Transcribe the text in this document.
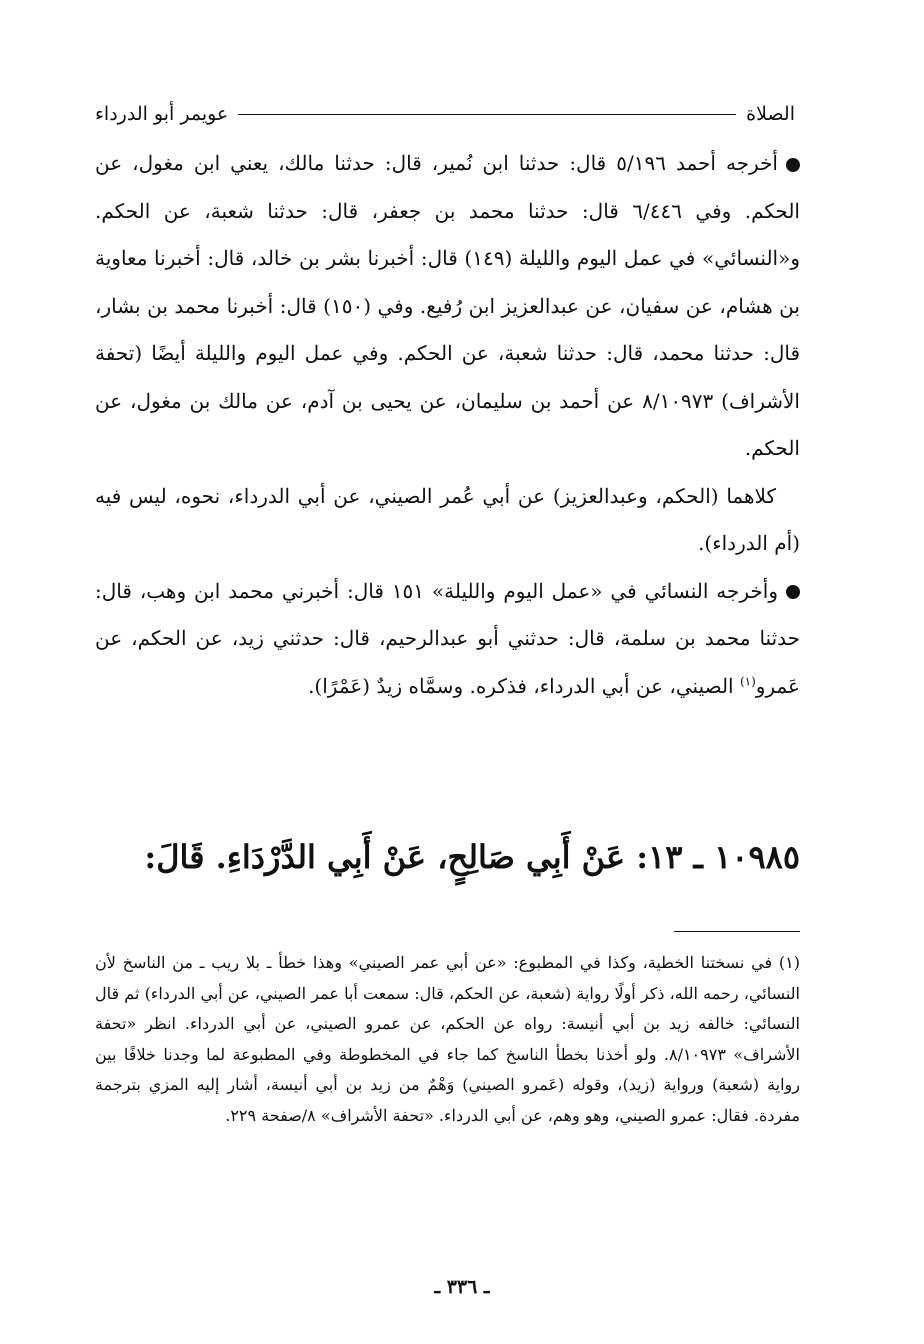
الصلاة
عويمر أبو الدرداء

أخرجه أحمد ٥/١٩٦ قال: حدثنا ابن نُمير، قال: حدثنا مالك، يعني ابن مغول، عن الحكم. وفي ٦/٤٤٦ قال: حدثنا محمد بن جعفر، قال: حدثنا شعبة، عن الحكم. و«النسائي» في عمل اليوم والليلة (١٤٩) قال: أخبرنا بشر بن خالد، قال: أخبرنا معاوية بن هشام، عن سفيان، عن عبدالعزيز ابن رُفيع. وفي (١٥٠) قال: أخبرنا محمد بن بشار، قال: حدثنا محمد، قال: حدثنا شعبة، عن الحكم. وفي عمل اليوم والليلة أيضًا (تحفة الأشراف) ٨/١٠٩٧٣ عن أحمد بن سليمان، عن يحيى بن آدم، عن مالك بن مغول، عن الحكم.

كلاهما (الحكم، وعبدالعزيز) عن أبي عُمر الصيني، عن أبي الدرداء، نحوه، ليس فيه (أم الدرداء).

وأخرجه النسائي في «عمل اليوم والليلة» ١٥١ قال: أخبرني محمد ابن وهب، قال: حدثنا محمد بن سلمة، قال: حدثني أبو عبدالرحيم، قال: حدثني زيد، عن الحكم، عن عَمرو$^{(١)}$ الصيني، عن أبي الدرداء، فذكره. وسمَّاه زيدٌ (عَمْرًا).

١٠٩٨٥ ـ ١٣: عَنْ أَبِي صَالِحٍ، عَنْ أَبِي الدَّرْدَاءِ. قَالَ:

(١) في نسختنا الخطية، وكذا في المطبوع: «عن أبي عمر الصيني» وهذا خطأ ـ بلا ريب ـ من الناسخ لأن النسائي، رحمه الله، ذكر أولًا رواية (شعبة، عن الحكم، قال: سمعت أبا عمر الصيني، عن أبي الدرداء) ثم قال النسائي: خالفه زيد بن أبي أنيسة: رواه عن الحكم، عن عمرو الصيني، عن أبي الدرداء. انظر «تحفة الأشراف» ٨/١٠٩٧٣. ولو أخذنا بخطأ الناسخ كما جاء في المخطوطة وفي المطبوعة لما وجدنا خلافًا بين رواية (شعبة) ورواية (زيد)، وقوله (عَمرو الصيني) وَهْمٌ من زيد بن أبي أنيسة، أشار إليه المزي بترجمة مفردة. فقال: عمرو الصيني، وهو وهم، عن أبي الدرداء. «تحفة الأشراف» ٨/صفحة ٢٢٩.

ـ ٣٣٦ ـ
